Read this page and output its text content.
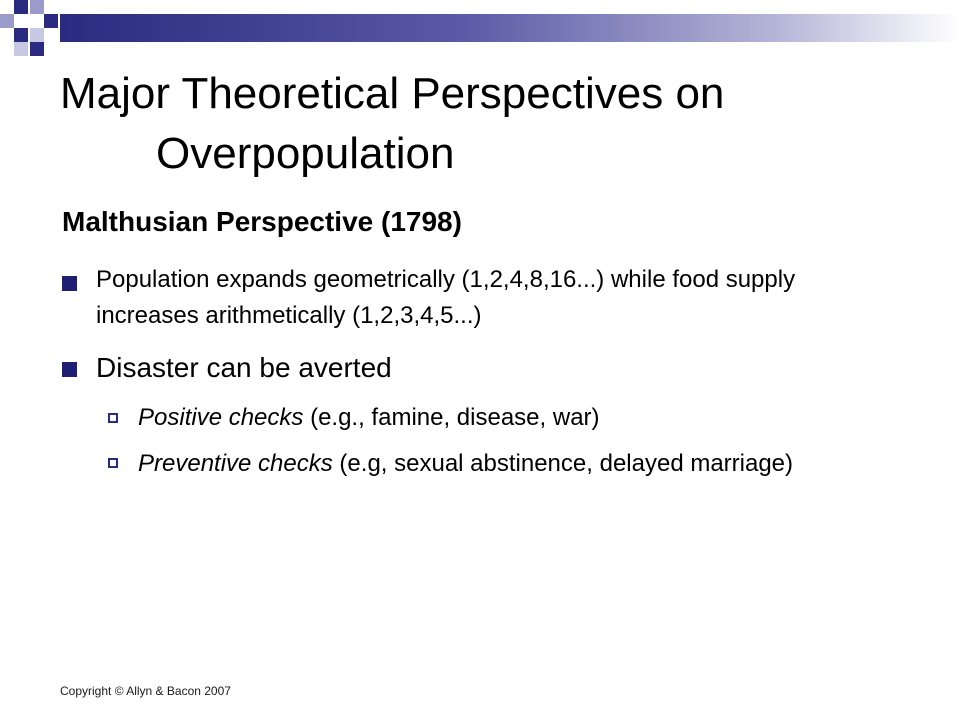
Major Theoretical Perspectives on
Overpopulation
Malthusian Perspective (1798)
Population expands geometrically (1,2,4,8,16...) while food supply increases arithmetically (1,2,3,4,5...)
Disaster can be averted
Positive checks (e.g., famine, disease, war)
Preventive checks (e.g, sexual abstinence, delayed marriage)
Copyright © Allyn & Bacon 2007
